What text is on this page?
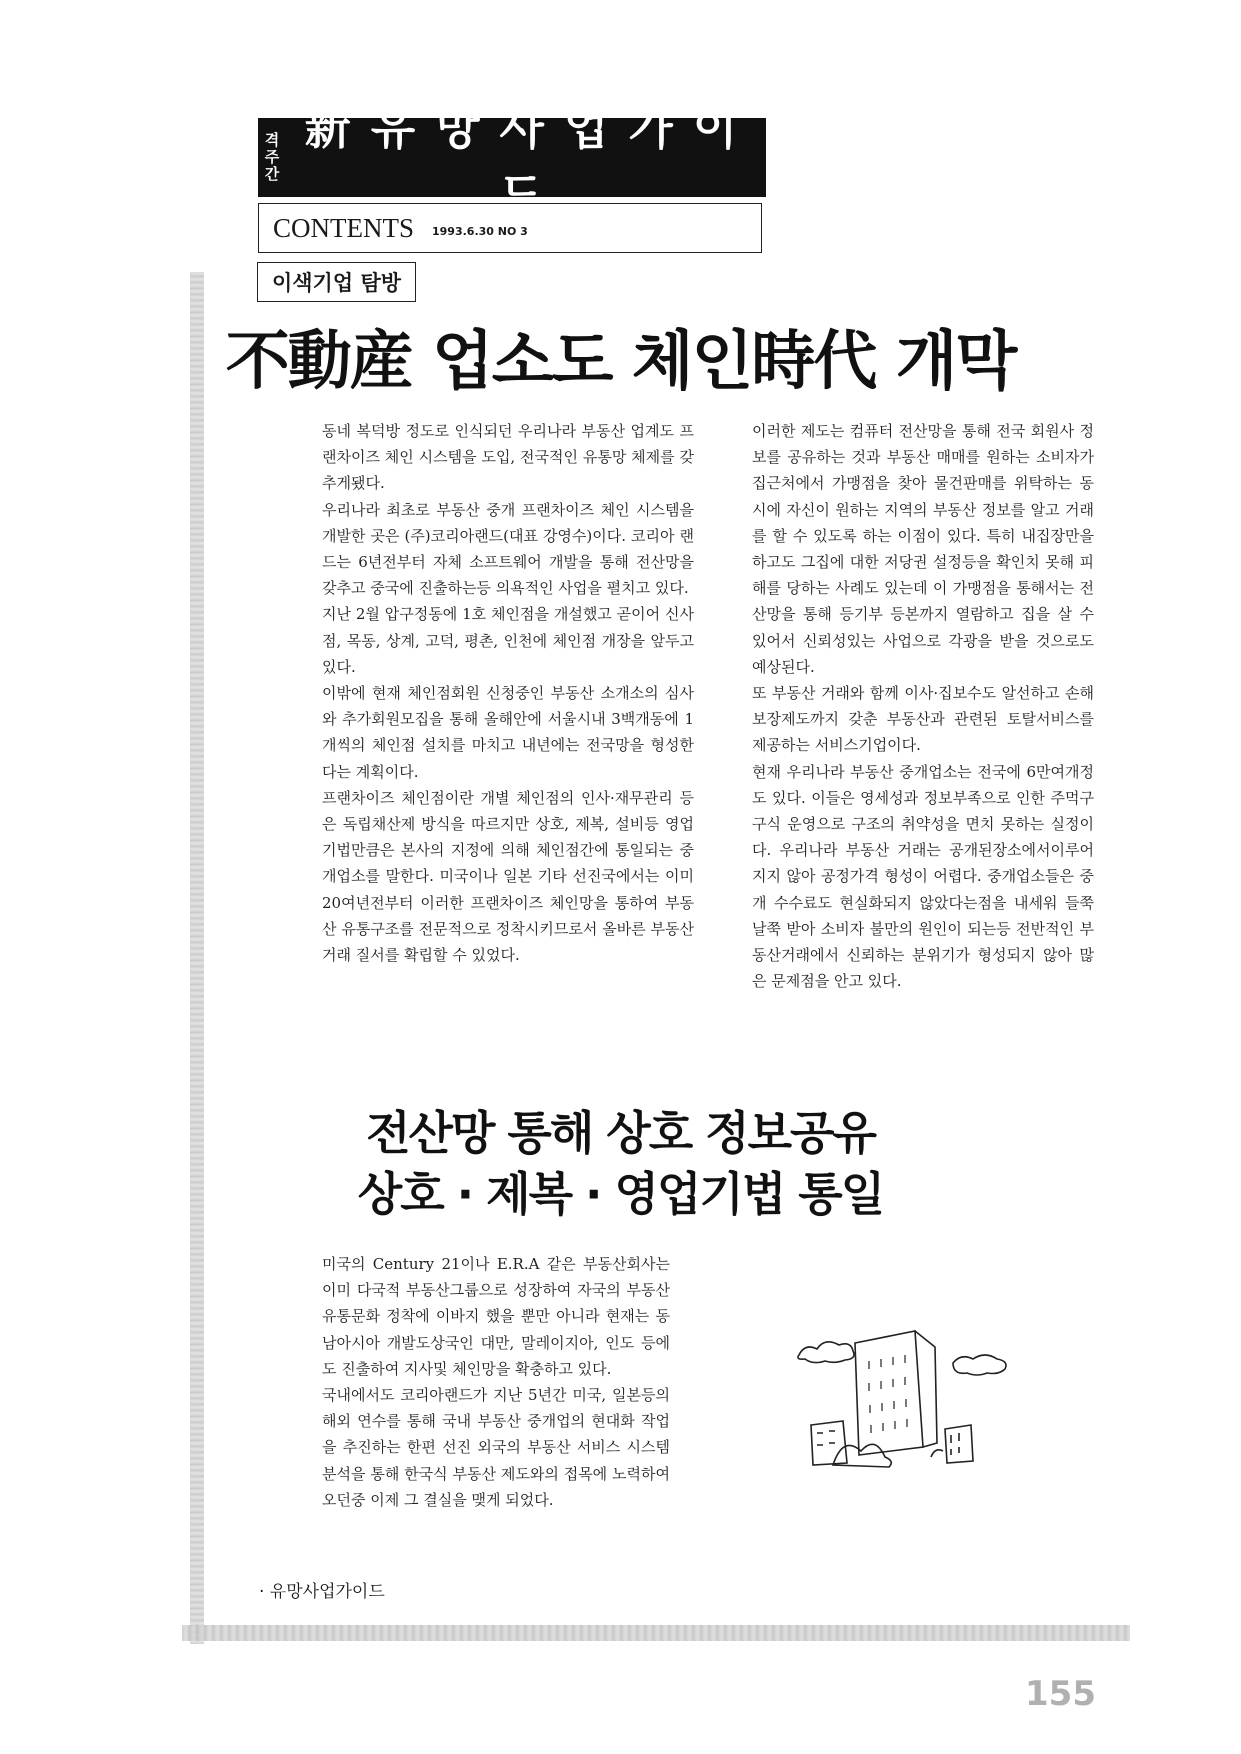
격
주
간
新유망사업가이드
CONTENTS 1993.6.30 NO 3
이색기업 탐방
不動産 업소도 체인時代 개막

동네 복덕방 정도로 인식되던 우리나라 부동산 업계도 프랜차이즈 체인 시스템을 도입, 전국적인 유통망 체제를 갖추게됐다.

우리나라 최초로 부동산 중개 프랜차이즈 체인 시스템을 개발한 곳은 (주)코리아랜드(대표 강영수)이다. 코리아 랜드는 6년전부터 자체 소프트웨어 개발을 통해 전산망을 갖추고 중국에 진출하는등 의욕적인 사업을 펼치고 있다.

지난 2월 압구정동에 1호 체인점을 개설했고 곧이어 신사점, 목동, 상계, 고덕, 평촌, 인천에 체인점 개장을 앞두고 있다.

이밖에 현재 체인점회원 신청중인 부동산 소개소의 심사와 추가회원모집을 통해 올해안에 서울시내 3백개동에 1개씩의 체인점 설치를 마치고 내년에는 전국망을 형성한다는 계획이다.

프랜차이즈 체인점이란 개별 체인점의 인사·재무관리 등은 독립채산제 방식을 따르지만 상호, 제복, 설비등 영업기법만큼은 본사의 지정에 의해 체인점간에 통일되는 중개업소를 말한다. 미국이나 일본 기타 선진국에서는 이미 20여년전부터 이러한 프랜차이즈 체인망을 통하여 부동산 유통구조를 전문적으로 정착시키므로서 올바른 부동산 거래 질서를 확립할 수 있었다.

이러한 제도는 컴퓨터 전산망을 통해 전국 회원사 정보를 공유하는 것과 부동산 매매를 원하는 소비자가 집근처에서 가맹점을 찾아 물건판매를 위탁하는 동시에 자신이 원하는 지역의 부동산 정보를 알고 거래를 할 수 있도록 하는 이점이 있다. 특히 내집장만을 하고도 그집에 대한 저당권 설정등을 확인치 못해 피해를 당하는 사례도 있는데 이 가맹점을 통해서는 전산망을 통해 등기부 등본까지 열람하고 집을 살 수 있어서 신뢰성있는 사업으로 각광을 받을 것으로도 예상된다.

또 부동산 거래와 함께 이사·집보수도 알선하고 손해보장제도까지 갖춘 부동산과 관련된 토탈서비스를 제공하는 서비스기업이다.

현재 우리나라 부동산 중개업소는 전국에 6만여개정도 있다. 이들은 영세성과 정보부족으로 인한 주먹구구식 운영으로 구조의 취약성을 면치 못하는 실정이다. 우리나라 부동산 거래는 공개된장소에서이루어지지 않아 공정가격 형성이 어렵다. 중개업소들은 중개 수수료도 현실화되지 않았다는점을 내세워 들쭉날쭉 받아 소비자 불만의 원인이 되는등 전반적인 부동산거래에서 신뢰하는 분위기가 형성되지 않아 많은 문제점을 안고 있다.

전산망 통해 상호 정보공유
상호 · 제복 · 영업기법 통일

미국의 Century 21이나 E.R.A 같은 부동산회사는 이미 다국적 부동산그룹으로 성장하여 자국의 부동산 유통문화 정착에 이바지 했을 뿐만 아니라 현재는 동남아시아 개발도상국인 대만, 말레이지아, 인도 등에도 진출하여 지사및 체인망을 확충하고 있다.

국내에서도 코리아랜드가 지난 5년간 미국, 일본등의 해외 연수를 통해 국내 부동산 중개업의 현대화 작업을 추진하는 한편 선진 외국의 부동산 서비스 시스템 분석을 통해 한국식 부동산 제도와의 접목에 노력하여 오던중 이제 그 결실을 맺게 되었다.

· 유망사업가이드
155
